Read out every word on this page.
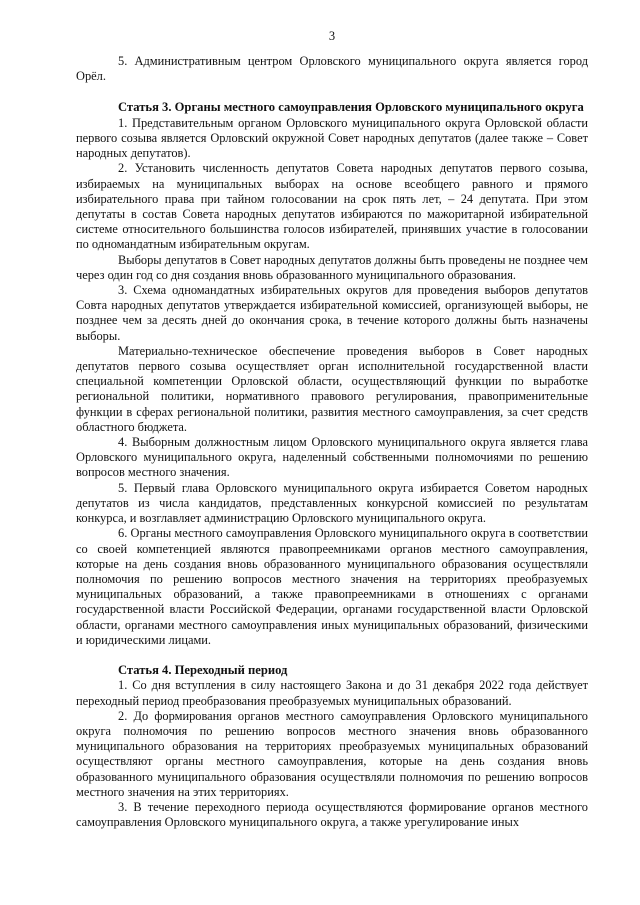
3

5. Административным центром Орловского муниципального округа является город Орёл.

Статья 3. Органы местного самоуправления Орловского муниципального округа

1. Представительным органом Орловского муниципального округа Орловской области первого созыва является Орловский окружной Совет народных депутатов (далее также – Совет народных депутатов).

2. Установить численность депутатов Совета народных депутатов первого созыва, избираемых на муниципальных выборах на основе всеобщего равного и прямого избирательного права при тайном голосовании на срок пять лет, – 24 депутата. При этом депутаты в состав Совета народных депутатов избираются по мажоритарной избирательной системе относительного большинства голосов избирателей, принявших участие в голосовании по одномандатным избирательным округам.

Выборы депутатов в Совет народных депутатов должны быть проведены не позднее чем через один год со дня создания вновь образованного муниципального образования.

3. Схема одномандатных избирательных округов для проведения выборов депутатов Совта народных депутатов утверждается избирательной комиссией, организующей выборы, не позднее чем за десять дней до окончания срока, в течение которого должны быть назначены выборы.

Материально-техническое обеспечение проведения выборов в Совет народных депутатов первого созыва осуществляет орган исполнительной государственной власти специальной компетенции Орловской области, осуществляющий функции по выработке региональной политики, нормативного правового регулирования, правоприменительные функции в сферах региональной политики, развития местного самоуправления, за счет средств областного бюджета.

4. Выборным должностным лицом Орловского муниципального округа является глава Орловского муниципального округа, наделенный собственными полномочиями по решению вопросов местного значения.

5. Первый глава Орловского муниципального округа избирается Советом народных депутатов из числа кандидатов, представленных конкурсной комиссией по результатам конкурса, и возглавляет администрацию Орловского муниципального округа.

6. Органы местного самоуправления Орловского муниципального округа в соответствии со своей компетенцией являются правопреемниками органов местного самоуправления, которые на день создания вновь образованного муниципального образования осуществляли полномочия по решению вопросов местного значения на территориях преобразуемых муниципальных образований, а также правопреемниками в отношениях с органами государственной власти Российской Федерации, органами государственной власти Орловской области, органами местного самоуправления иных муниципальных образований, физическими и юридическими лицами.

Статья 4. Переходный период

1. Со дня вступления в силу настоящего Закона и до 31 декабря 2022 года действует переходный период преобразования преобразуемых муниципальных образований.

2. До формирования органов местного самоуправления Орловского муниципального округа полномочия по решению вопросов местного значения вновь образованного муниципального образования на территориях преобразуемых муниципальных образований осуществляют органы местного самоуправления, которые на день создания вновь образованного муниципального образования осуществляли полномочия по решению вопросов местного значения на этих территориях.

3. В течение переходного периода осуществляются формирование органов местного самоуправления Орловского муниципального округа, а также урегулирование иных
